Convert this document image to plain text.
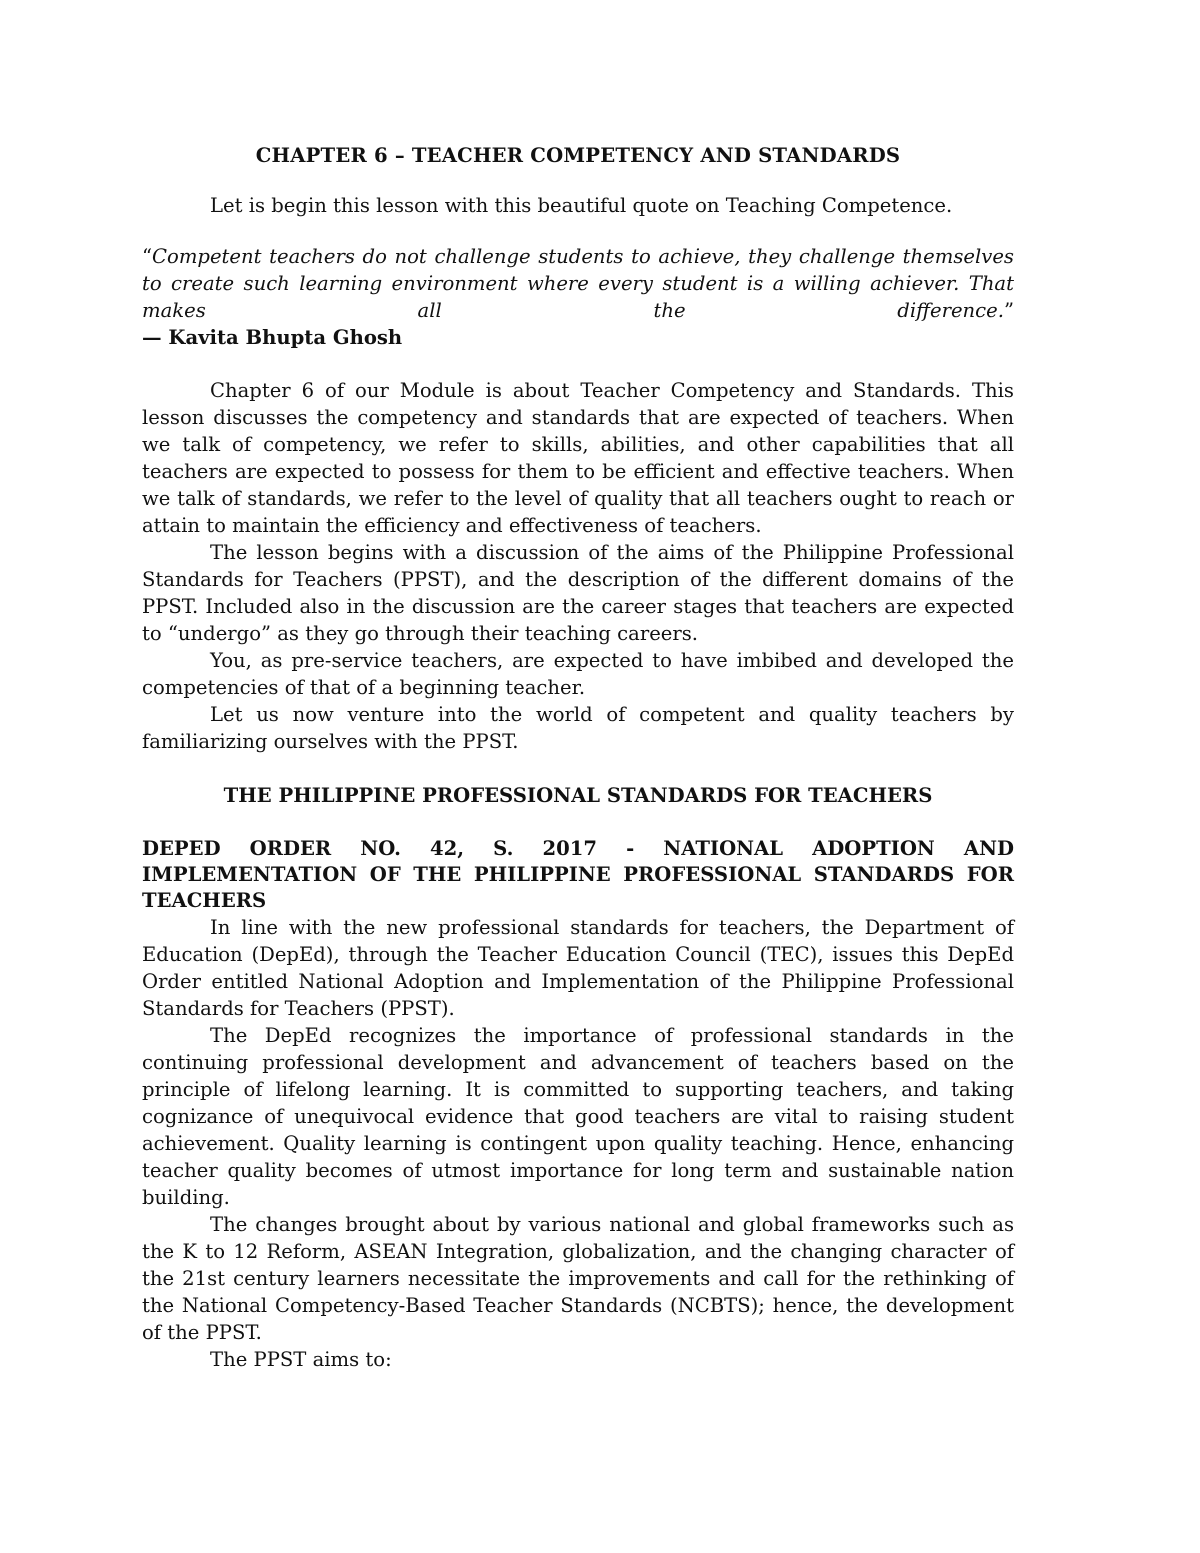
CHAPTER 6 – TEACHER COMPETENCY AND STANDARDS

Let is begin this lesson with this beautiful quote on Teaching Competence.

“Competent teachers do not challenge students to achieve, they challenge themselves to create such learning environment where every student is a willing achiever. That makes all the difference.”

— Kavita Bhupta Ghosh

Chapter 6 of our Module is about Teacher Competency and Standards. This lesson discusses the competency and standards that are expected of teachers. When we talk of competency, we refer to skills, abilities, and other capabilities that all teachers are expected to possess for them to be efficient and effective teachers. When we talk of standards, we refer to the level of quality that all teachers ought to reach or attain to maintain the efficiency and effectiveness of teachers.

The lesson begins with a discussion of the aims of the Philippine Professional Standards for Teachers (PPST), and the description of the different domains of the PPST. Included also in the discussion are the career stages that teachers are expected to “undergo” as they go through their teaching careers.

You, as pre-service teachers, are expected to have imbibed and developed the competencies of that of a beginning teacher.

Let us now venture into the world of competent and quality teachers by familiarizing ourselves with the PPST.

THE PHILIPPINE PROFESSIONAL STANDARDS FOR TEACHERS

DEPED ORDER NO. 42, S. 2017 - NATIONAL ADOPTION AND IMPLEMENTATION OF THE PHILIPPINE PROFESSIONAL STANDARDS FOR TEACHERS

In line with the new professional standards for teachers, the Department of Education (DepEd), through the Teacher Education Council (TEC), issues this DepEd Order entitled National Adoption and Implementation of the Philippine Professional Standards for Teachers (PPST).

The DepEd recognizes the importance of professional standards in the continuing professional development and advancement of teachers based on the principle of lifelong learning. It is committed to supporting teachers, and taking cognizance of unequivocal evidence that good teachers are vital to raising student achievement. Quality learning is contingent upon quality teaching. Hence, enhancing teacher quality becomes of utmost importance for long term and sustainable nation building.

The changes brought about by various national and global frameworks such as the K to 12 Reform, ASEAN Integration, globalization, and the changing character of the 21st century learners necessitate the improvements and call for the rethinking of the National Competency-Based Teacher Standards (NCBTS); hence, the development of the PPST.

The PPST aims to:
